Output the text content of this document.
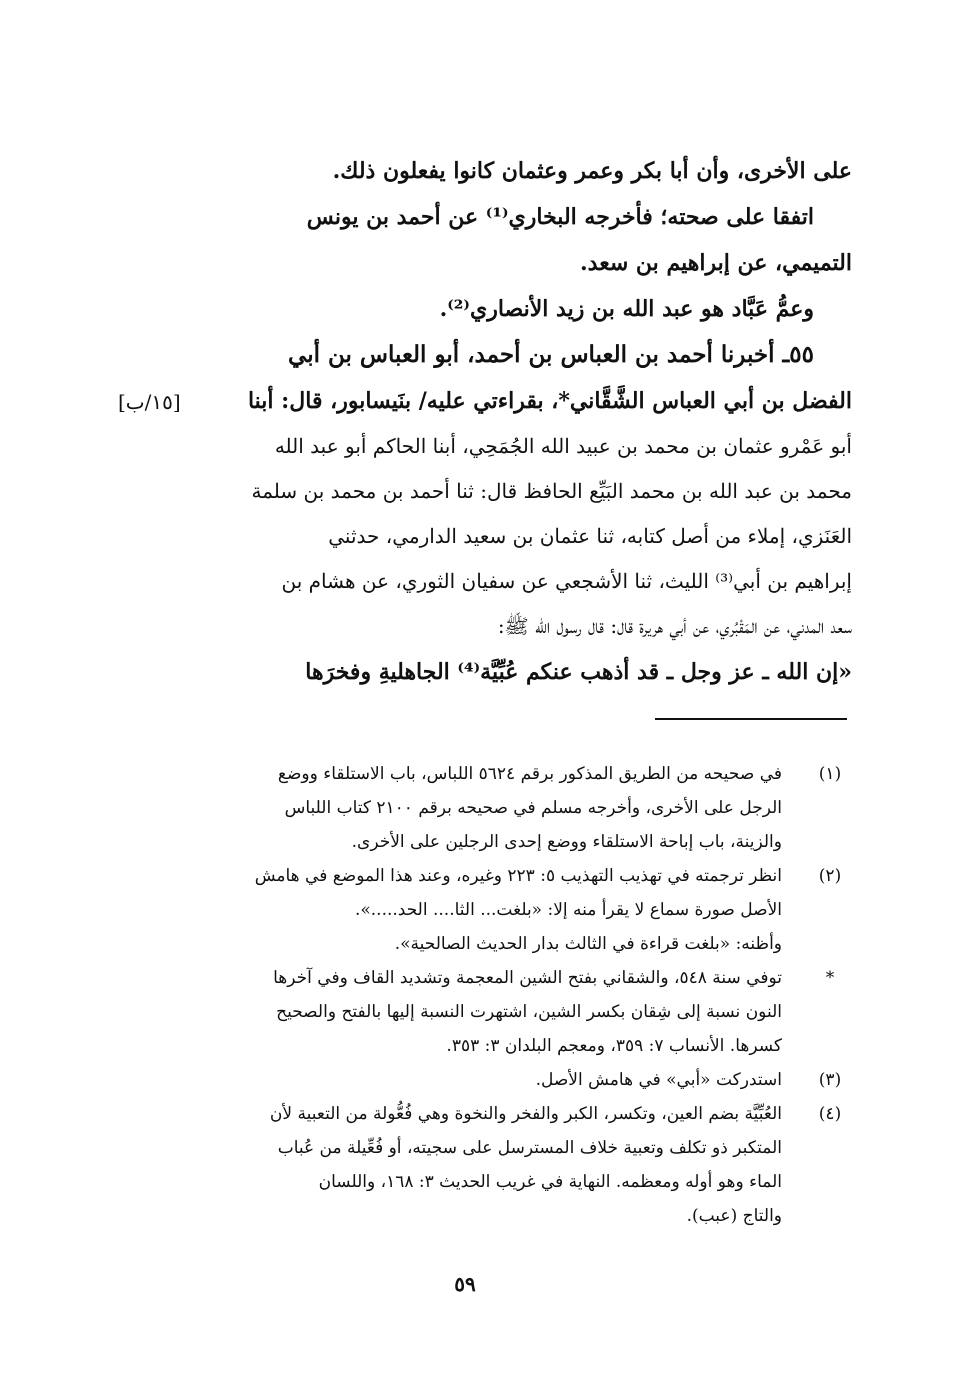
على الأخرى، وأن أبا بكر وعمر وعثمان كانوا يفعلون ذلك.
اتفقا على صحته؛ فأخرجه البخاري⁽¹⁾ عن أحمد بن يونس
التميمي، عن إبراهيم بن سعد.
وعمُّ عَبَّاد هو عبد الله بن زيد الأنصاري⁽²⁾.
٥٥ـ أخبرنا أحمد بن العباس بن أحمد، أبو العباس بن أبي
الفضل بن أبي العباس الشَّقَّاني*، بقراءتي عليه/ بنَيسابور، قال: أبنا
أبو عَمْرو عثمان بن محمد بن عبيد الله الجُمَحِي، أبنا الحاكم أبو عبد الله
محمد بن عبد الله بن محمد البَيِّع الحافظ قال: ثنا أحمد بن محمد بن سلمة
العَنَزي، إملاء من أصل كتابه، ثنا عثمان بن سعيد الدارمي، حدثني
إبراهيم بن أبي⁽³⁾ الليث، ثنا الأشجعي عن سفيان الثوري، عن هشام بن
سعد المدني، عن المَقْبُري، عن أبي هريرة قال: قال رسول الله ﷺ:
«إن الله ـ عز وجل ـ قد أذهب عنكم عُبِّيَّة⁽⁴⁾ الجاهليةِ وفخرَها
[١٥/ب]
(١)
في صحيحه من الطريق المذكور برقم ٥٦٢٤ اللباس، باب الاستلقاء ووضع
الرجل على الأخرى، وأخرجه مسلم في صحيحه برقم ٢١٠٠ كتاب اللباس
والزينة، باب إباحة الاستلقاء ووضع إحدى الرجلين على الأخرى.
(٢)
انظر ترجمته في تهذيب التهذيب ٥: ٢٢٣ وغيره، وعند هذا الموضع في هامش
الأصل صورة سماع لا يقرأ منه إلا: «بلغت... الثا.... الحد.....».
وأظنه: «بلغت قراءة في الثالث بدار الحديث الصالحية».
*
توفي سنة ٥٤٨، والشقاني بفتح الشين المعجمة وتشديد القاف وفي آخرها
النون نسبة إلى شِقان بكسر الشين، اشتهرت النسبة إليها بالفتح والصحيح
كسرها. الأنساب ٧: ٣٥٩، ومعجم البلدان ٣: ٣٥٣.
(٣)
استدركت «أبي» في هامش الأصل.
(٤)
العُبِّيَّة بضم العين، وتكسر، الكبر والفخر والنخوة وهي فُعُّولة من التعبية لأن
المتكبر ذو تكلف وتعبية خلاف المسترسل على سجيته، أو فُعِّيلة من عُباب
الماء وهو أوله ومعظمه. النهاية في غريب الحديث ٣: ١٦٨، واللسان
والتاج (عبب).
٥٩
